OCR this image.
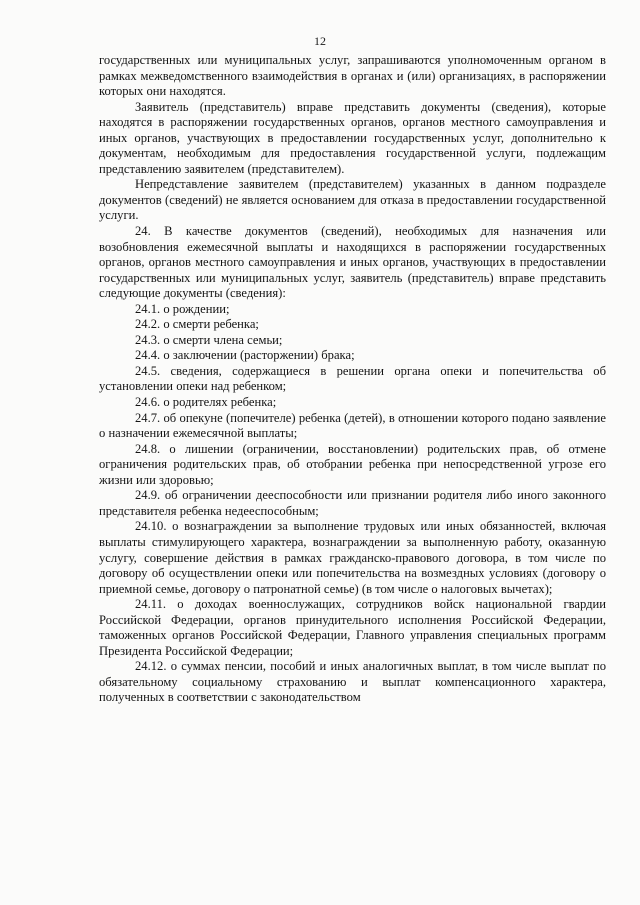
12

государственных или муниципальных услуг, запрашиваются уполномоченным органом в рамках межведомственного взаимодействия в органах и (или) организациях, в распоряжении которых они находятся.

Заявитель (представитель) вправе представить документы (сведения), которые находятся в распоряжении государственных органов, органов местного самоуправления и иных органов, участвующих в предоставлении государственных услуг, дополнительно к документам, необходимым для предоставления государственной услуги, подлежащим представлению заявителем (представителем).

Непредставление заявителем (представителем) указанных в данном подразделе документов (сведений) не является основанием для отказа в предоставлении государственной услуги.

24. В качестве документов (сведений), необходимых для назначения или возобновления ежемесячной выплаты и находящихся в распоряжении государственных органов, органов местного самоуправления и иных органов, участвующих в предоставлении государственных или муниципальных услуг, заявитель (представитель) вправе представить следующие документы (сведения):

24.1. о рождении;

24.2. о смерти ребенка;

24.3. о смерти члена семьи;

24.4. о заключении (расторжении) брака;

24.5. сведения, содержащиеся в решении органа опеки и попечительства об установлении опеки над ребенком;

24.6. о родителях ребенка;

24.7. об опекуне (попечителе) ребенка (детей), в отношении которого подано заявление о назначении ежемесячной выплаты;

24.8. о лишении (ограничении, восстановлении) родительских прав, об отмене ограничения родительских прав, об отобрании ребенка при непосредственной угрозе его жизни или здоровью;

24.9. об ограничении дееспособности или признании родителя либо иного законного представителя ребенка недееспособным;

24.10. о вознаграждении за выполнение трудовых или иных обязанностей, включая выплаты стимулирующего характера, вознаграждении за выполненную работу, оказанную услугу, совершение действия в рамках гражданско-правового договора, в том числе по договору об осуществлении опеки или попечительства на возмездных условиях (договору о приемной семье, договору о патронатной семье) (в том числе о налоговых вычетах);

24.11. о доходах военнослужащих, сотрудников войск национальной гвардии Российской Федерации, органов принудительного исполнения Российской Федерации, таможенных органов Российской Федерации, Главного управления специальных программ Президента Российской Федерации;

24.12. о суммах пенсии, пособий и иных аналогичных выплат, в том числе выплат по обязательному социальному страхованию и выплат компенсационного характера, полученных в соответствии с законодательством
